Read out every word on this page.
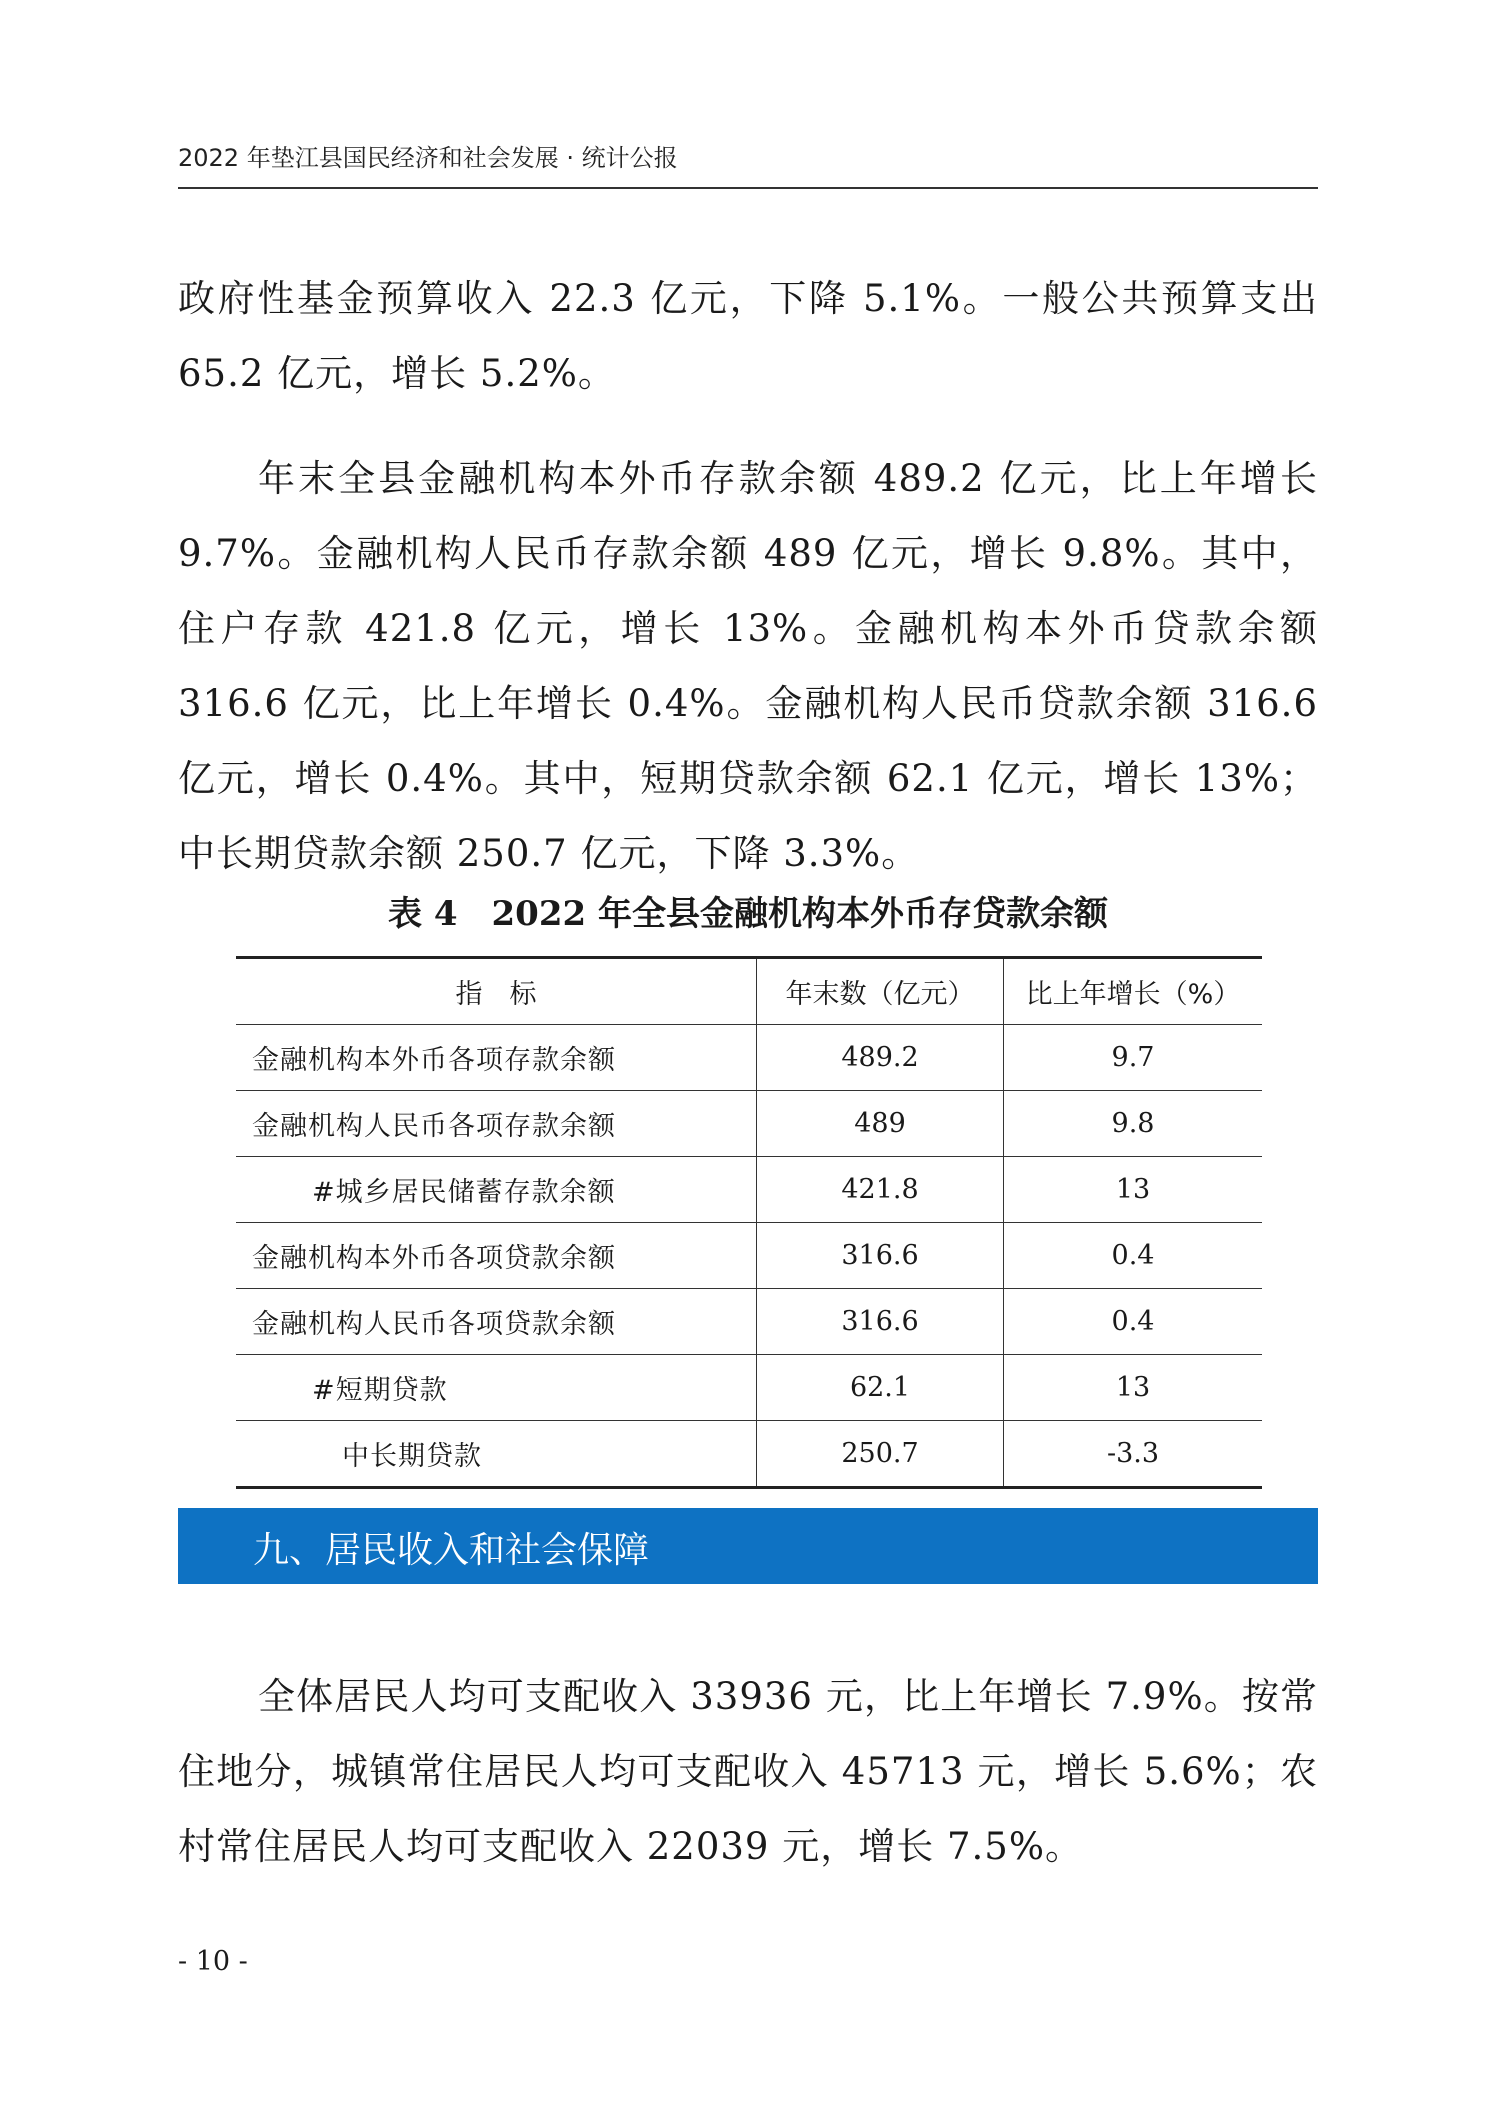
2022 年垫江县国民经济和社会发展 · 统计公报

政府性基金预算收入 22.3 亿元，下降 5.1%。一般公共预算支出 65.2 亿元，增长 5.2%。

年末全县金融机构本外币存款余额 489.2 亿元，比上年增长 9.7%。金融机构人民币存款余额 489 亿元，增长 9.8%。其中，住户存款 421.8 亿元，增长 13%。金融机构本外币贷款余额 316.6 亿元，比上年增长 0.4%。金融机构人民币贷款余额 316.6 亿元，增长 0.4%。其中，短期贷款余额 62.1 亿元，增长 13%；中长期贷款余额 250.7 亿元，下降 3.3%。

表 4　2022 年全县金融机构本外币存贷款余额
指　标	年末数（亿元）	比上年增长（%）
金融机构本外币各项存款余额	489.2	9.7
金融机构人民币各项存款余额	489	9.8
#城乡居民储蓄存款余额	421.8	13
金融机构本外币各项贷款余额	316.6	0.4
金融机构人民币各项贷款余额	316.6	0.4
#短期贷款	62.1	13
中长期贷款	250.7	-3.3
九、居民收入和社会保障

全体居民人均可支配收入 33936 元，比上年增长 7.9%。按常住地分，城镇常住居民人均可支配收入 45713 元，增长 5.6%；农村常住居民人均可支配收入 22039 元，增长 7.5%。

- 10 -
